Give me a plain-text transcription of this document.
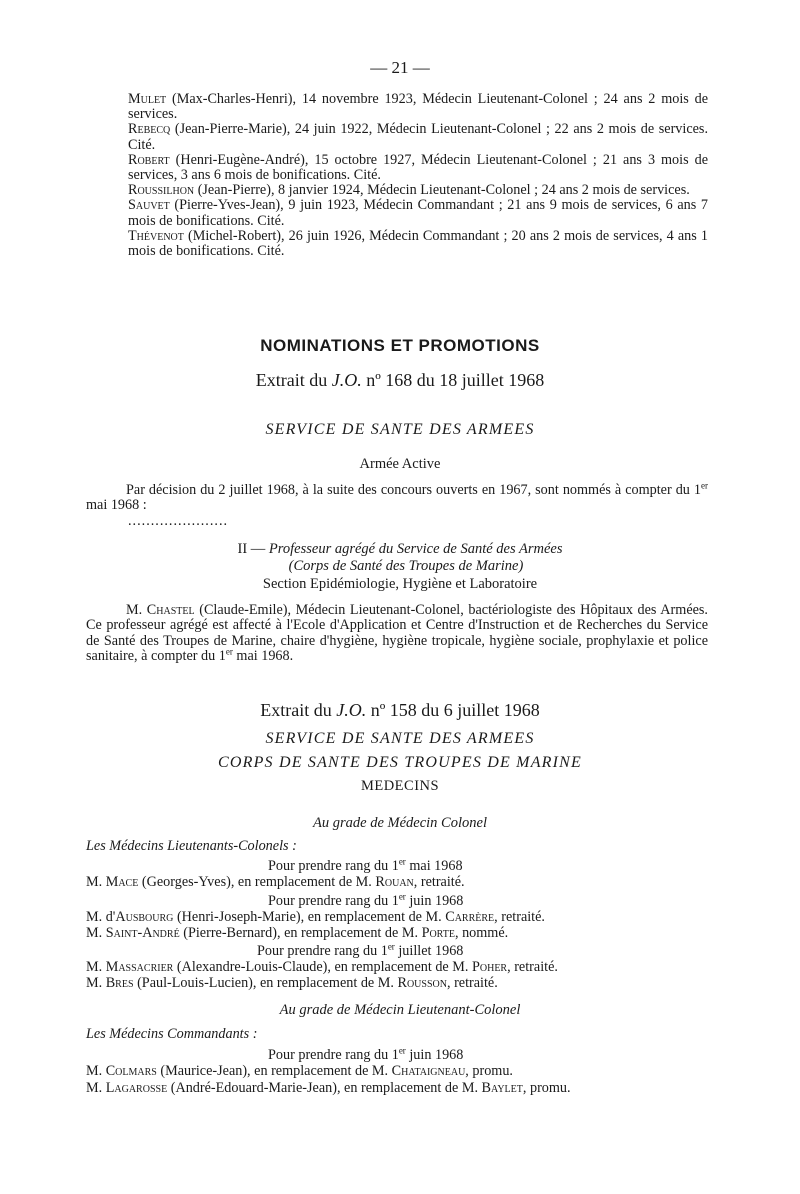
— 21 —
Mulet (Max-Charles-Henri), 14 novembre 1923, Médecin Lieutenant-Colonel ; 24 ans 2 mois de services.
Rebecq (Jean-Pierre-Marie), 24 juin 1922, Médecin Lieutenant-Colonel ; 22 ans 2 mois de services. Cité.
Robert (Henri-Eugène-André), 15 octobre 1927, Médecin Lieutenant-Colonel ; 21 ans 3 mois de services, 3 ans 6 mois de bonifications. Cité.
Roussilhon (Jean-Pierre), 8 janvier 1924, Médecin Lieutenant-Colonel ; 24 ans 2 mois de services.
Sauvet (Pierre-Yves-Jean), 9 juin 1923, Médecin Commandant ; 21 ans 9 mois de services, 6 ans 7 mois de bonifications. Cité.
Thévenot (Michel-Robert), 26 juin 1926, Médecin Commandant ; 20 ans 2 mois de services, 4 ans 1 mois de bonifications. Cité.
NOMINATIONS ET PROMOTIONS
Extrait du J.O. nº 168 du 18 juillet 1968
SERVICE DE SANTE DES ARMEES
Armée Active
Par décision du 2 juillet 1968, à la suite des concours ouverts en 1967, sont nommés à compter du 1er mai 1968 :
......................
II — Professeur agrégé du Service de Santé des Armées
(Corps de Santé des Troupes de Marine)
Section Epidémiologie, Hygiène et Laboratoire
M. Chastel (Claude-Emile), Médecin Lieutenant-Colonel, bactériologiste des Hôpitaux des Armées. Ce professeur agrégé est affecté à l'Ecole d'Application et Centre d'Instruction et de Recherches du Service de Santé des Troupes de Marine, chaire d'hygiène, hygiène tropicale, hygiène sociale, prophylaxie et police sanitaire, à compter du 1er mai 1968.
Extrait du J.O. nº 158 du 6 juillet 1968
SERVICE DE SANTE DES ARMEES
CORPS DE SANTE DES TROUPES DE MARINE
MEDECINS
Au grade de Médecin Colonel
Les Médecins Lieutenants-Colonels :
Pour prendre rang du 1er mai 1968
M. Mace (Georges-Yves), en remplacement de M. Rouan, retraité.
Pour prendre rang du 1er juin 1968
M. d'Ausbourg (Henri-Joseph-Marie), en remplacement de M. Carrère, retraité.
M. Saint-André (Pierre-Bernard), en remplacement de M. Porte, nommé.
Pour prendre rang du 1er juillet 1968
M. Massacrier (Alexandre-Louis-Claude), en remplacement de M. Poher, retraité.
M. Bres (Paul-Louis-Lucien), en remplacement de M. Rousson, retraité.
Au grade de Médecin Lieutenant-Colonel
Les Médecins Commandants :
Pour prendre rang du 1er juin 1968
M. Colmars (Maurice-Jean), en remplacement de M. Chataigneau, promu.
M. Lagarosse (André-Edouard-Marie-Jean), en remplacement de M. Baylet, promu.
